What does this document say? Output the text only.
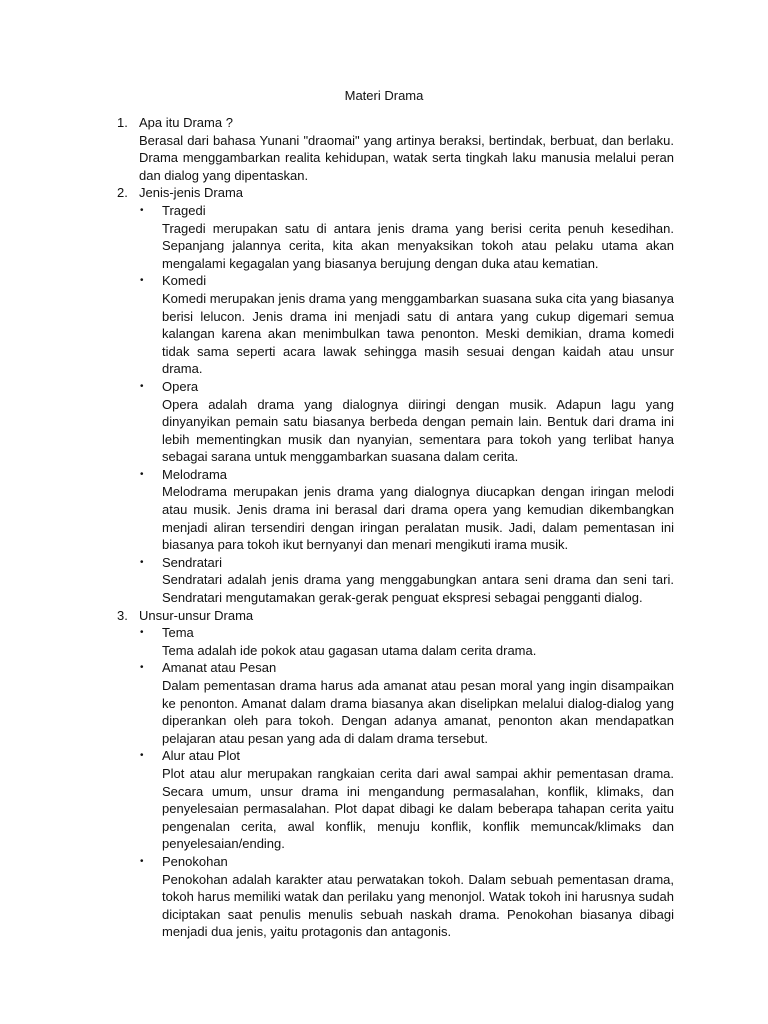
Materi Drama
1. Apa itu Drama ?

Berasal dari bahasa Yunani "draomai" yang artinya beraksi, bertindak, berbuat, dan berlaku. Drama menggambarkan realita kehidupan, watak serta tingkah laku manusia melalui peran dan dialog yang dipentaskan.

2. Jenis-jenis Drama
• Tragedi

Tragedi merupakan satu di antara jenis drama yang berisi cerita penuh kesedihan. Sepanjang jalannya cerita, kita akan menyaksikan tokoh atau pelaku utama akan mengalami kegagalan yang biasanya berujung dengan duka atau kematian.

• Komedi

Komedi merupakan jenis drama yang menggambarkan suasana suka cita yang biasanya berisi lelucon. Jenis drama ini menjadi satu di antara yang cukup digemari semua kalangan karena akan menimbulkan tawa penonton. Meski demikian, drama komedi tidak sama seperti acara lawak sehingga masih sesuai dengan kaidah atau unsur drama.

• Opera

Opera adalah drama yang dialognya diiringi dengan musik. Adapun lagu yang dinyanyikan pemain satu biasanya berbeda dengan pemain lain. Bentuk dari drama ini lebih mementingkan musik dan nyanyian, sementara para tokoh yang terlibat hanya sebagai sarana untuk menggambarkan suasana dalam cerita.

• Melodrama

Melodrama merupakan jenis drama yang dialognya diucapkan dengan iringan melodi atau musik. Jenis drama ini berasal dari drama opera yang kemudian dikembangkan menjadi aliran tersendiri dengan iringan peralatan musik. Jadi, dalam pementasan ini biasanya para tokoh ikut bernyanyi dan menari mengikuti irama musik.

• Sendratari

Sendratari adalah jenis drama yang menggabungkan antara seni drama dan seni tari. Sendratari mengutamakan gerak-gerak penguat ekspresi sebagai pengganti dialog.

3. Unsur-unsur Drama
• Tema

Tema adalah ide pokok atau gagasan utama dalam cerita drama.

• Amanat atau Pesan

Dalam pementasan drama harus ada amanat atau pesan moral yang ingin disampaikan ke penonton. Amanat dalam drama biasanya akan diselipkan melalui dialog-dialog yang diperankan oleh para tokoh. Dengan adanya amanat, penonton akan mendapatkan pelajaran atau pesan yang ada di dalam drama tersebut.

• Alur atau Plot

Plot atau alur merupakan rangkaian cerita dari awal sampai akhir pementasan drama. Secara umum, unsur drama ini mengandung permasalahan, konflik, klimaks, dan penyelesaian permasalahan. Plot dapat dibagi ke dalam beberapa tahapan cerita yaitu pengenalan cerita, awal konflik, menuju konflik, konflik memuncak/klimaks dan penyelesaian/ending.

• Penokohan

Penokohan adalah karakter atau perwatakan tokoh. Dalam sebuah pementasan drama, tokoh harus memiliki watak dan perilaku yang menonjol. Watak tokoh ini harusnya sudah diciptakan saat penulis menulis sebuah naskah drama. Penokohan biasanya dibagi menjadi dua jenis, yaitu protagonis dan antagonis.
